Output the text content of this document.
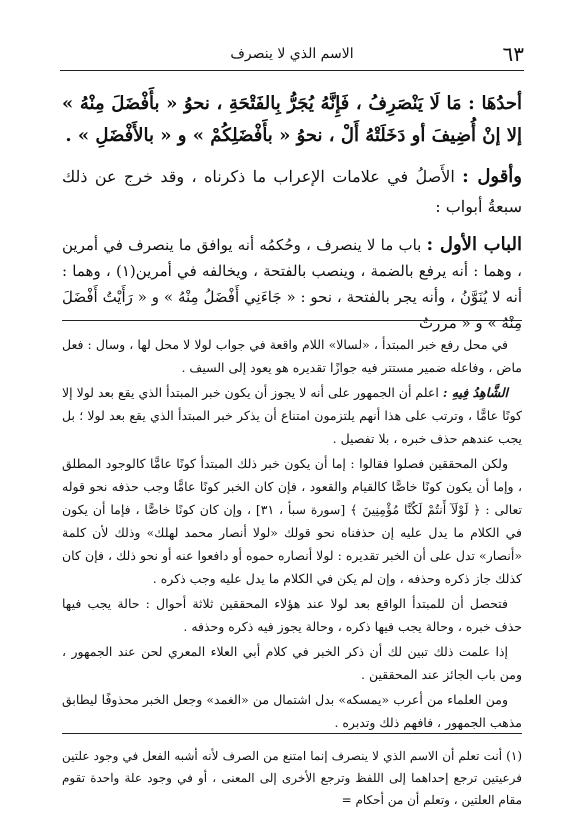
٦٣
الاسم الذي لا ينصرف

أحدُهَا : مَا لَا يَنْصَرِفُ ، فَإِنَّهُ يُجَرُّ بِالفَتْحَةِ ، نحوُ « بأَفْضَلَ مِنْهُ » إلا إنْ أُضِيفَ أو دَخَلَتْهُ أَلْ ، نحوُ « بأَفْضَلِكُمْ » و « بالأَفْضَلِ » .

وأقول : الأَصلُ في علامات الإعراب ما ذكرناه ، وقد خرج عن ذلك سبعةُ أبواب :

الباب الأول : باب ما لا ينصرف ، وحُكمُه أنه يوافق ما ينصرف في أمرين ، وهما : أنه يرفع بالضمة ، وينصب بالفتحة ، ويخالفه في أمرين(١) ، وهما : أنه لا يُنَوَّنُ ، وأنه يجر بالفتحة ، نحو : « جَاءَنِي أَفْضَلُ مِنْهُ » و « رَأَيْتُ أَفْضَلَ مِنْهُ » و « مررتُ

في محل رفع خبر المبتدأ ، «لسالا» اللام واقعة في جواب لولا لا محل لها ، وسال : فعل ماض ، وفاعله ضمير مستتر فيه جوازًا تقديره هو يعود إلى السيف .

الشَّاهِدُ فِيهِ : اعلم أن الجمهور على أنه لا يجوز أن يكون خبر المبتدأ الذي يقع بعد لولا إلا كونًا عامًّا ، وترتب على هذا أنهم يلتزمون امتناع أن يذكر خبر المبتدأ الذي يقع بعد لولا ؛ بل يجب عندهم حذف خبره ، بلا تفصيل .

ولكن المحققين فصلوا فقالوا : إما أن يكون خبر ذلك المبتدأ كونًا عامًّا كالوجود المطلق ، وإما أن يكون كونًا خاصًّا كالقيام والقعود ، فإن كان الخبر كونًا عامًّا وجب حذفه نحو قوله تعالى : ﴿ لَوْلَآ أَنتُمْ لَكُنَّا مُؤْمِنِينَ ﴾ [سورة سبأ ، ٣١] ، وإن كان كونًا خاصًّا ، فإما أن يكون في الكلام ما يدل عليه إن حذفناه نحو قولك «لولا أنصار محمد لهلك» وذلك لأن كلمة «أنصار» تدل على أن الخبر تقديره : لولا أنصاره حموه أو دافعوا عنه أو نحو ذلك ، فإن كان كذلك جاز ذكره وحذفه ، وإن لم يكن في الكلام ما يدل عليه وجب ذكره .

فتحصل أن للمبتدأ الواقع بعد لولا عند هؤلاء المحققين ثلاثة أحوال : حالة يجب فيها حذف خبره ، وحالة يجب فيها ذكره ، وحالة يجوز فيه ذكره وحذفه .

إذا علمت ذلك تبين لك أن ذكر الخبر في كلام أبي العلاء المعري لحن عند الجمهور ، ومن باب الجائز عند المحققين .

ومن العلماء من أعرب «يمسكه» بدل اشتمال من «الغمد» وجعل الخبر محذوفًا ليطابق مذهب الجمهور ، فافهم ذلك وتدبره .

(١) أنت تعلم أن الاسم الذي لا ينصرف إنما امتنع من الصرف لأنه أشبه الفعل في وجود علتين فرعيتين ترجع إحداهما إلى اللفظ وترجع الأخرى إلى المعنى ، أو في وجود علة واحدة تقوم مقام العلتين ، وتعلم أن من أحكام =
